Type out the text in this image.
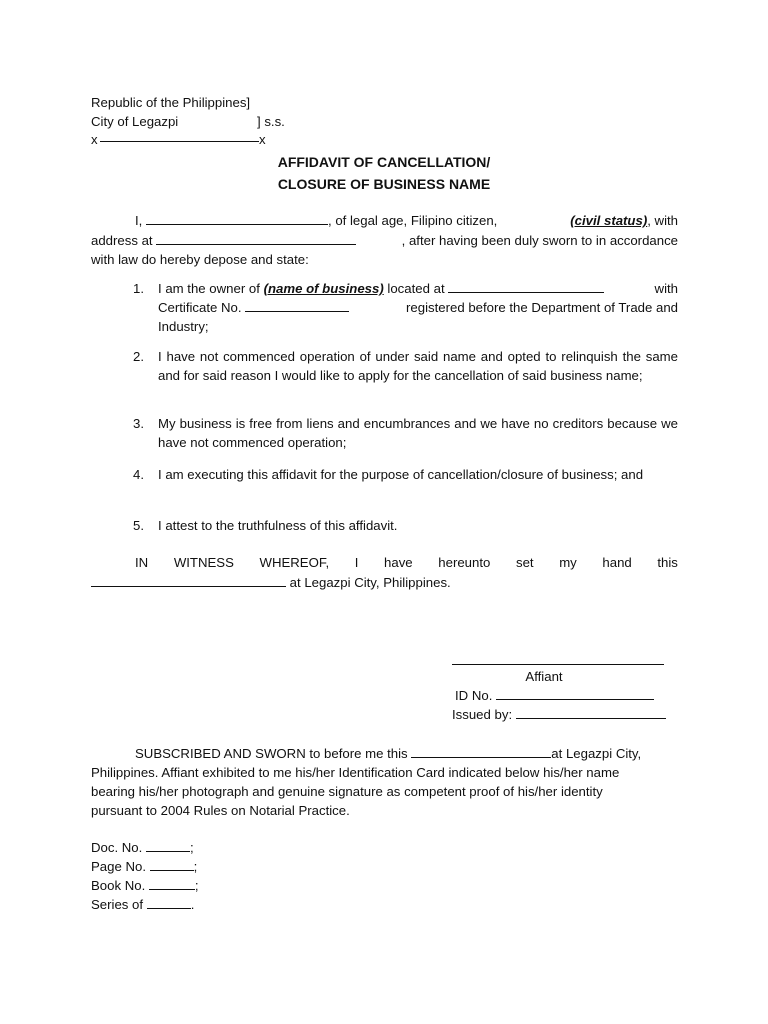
Republic of the Philippines]
City of Legazpi	] s.s.
x	x
AFFIDAVIT OF CANCELLATION/
CLOSURE OF BUSINESS NAME
I,	, of legal age, Filipino citizen,	(civil status), with
address at	, after having been duly sworn to in accordance
with law do hereby depose and state:
1.	I am the owner of (name of business) located at	with
Certificate No.	registered before the Department of Trade and
Industry;
2.	I have not commenced operation of under said name and opted to relinquish the same and for said reason I would like to apply for the cancellation of said business name;
3.	My business is free from liens and encumbrances and we have no creditors because we have not commenced operation;
4.	I am executing this affidavit for the purpose of cancellation/closure of business; and
5.	I attest to the truthfulness of this affidavit.
IN WITNESS WHEREOF, I have hereunto set my hand this
at Legazpi City, Philippines.
Affiant
ID No.
Issued by:
SUBSCRIBED AND SWORN to before me this	at Legazpi City,
Philippines. Affiant exhibited to me his/her Identification Card indicated below his/her name
bearing his/her photograph and genuine signature as competent proof of his/her identity
pursuant to 2004 Rules on Notarial Practice.
Doc. No.	;
Page No.	;
Book No.	;
Series of	.
